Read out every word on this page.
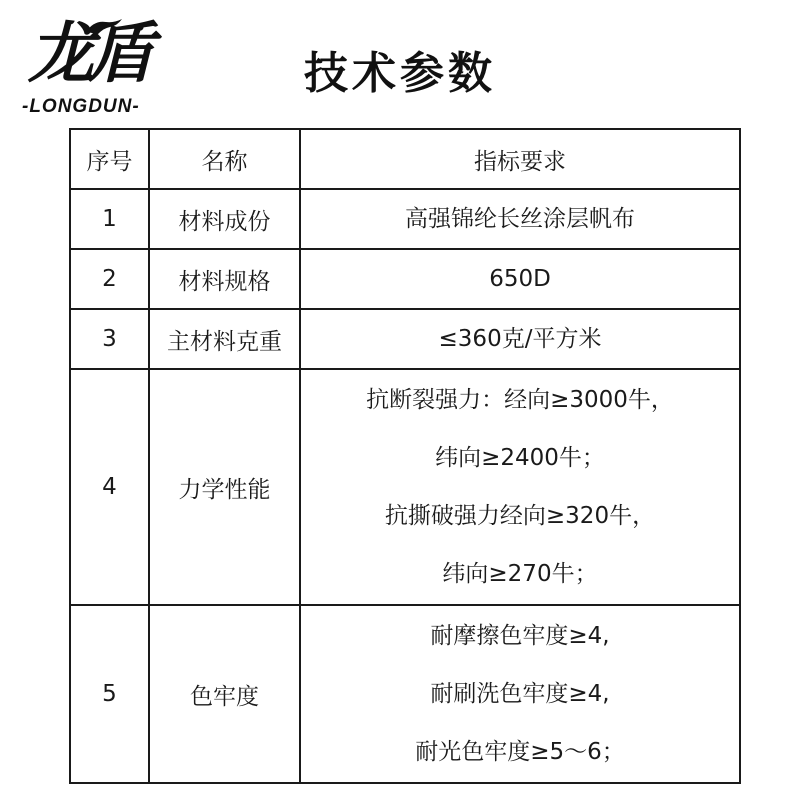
龙盾
-LONGDUN-
技术参数
序号	名称	指标要求
1	材料成份	高强锦纶长丝涂层帆布

2	材料规格	650D

3	主材料克重	≤360克/平方米

4	力学性能	抗断裂强力：经向≥3000牛，
纬向≥2400牛；
抗撕破强力经向≥320牛，
纬向≥270牛；

5	色牢度	耐摩擦色牢度≥4,
耐刷洗色牢度≥4,
耐光色牢度≥5～6；
